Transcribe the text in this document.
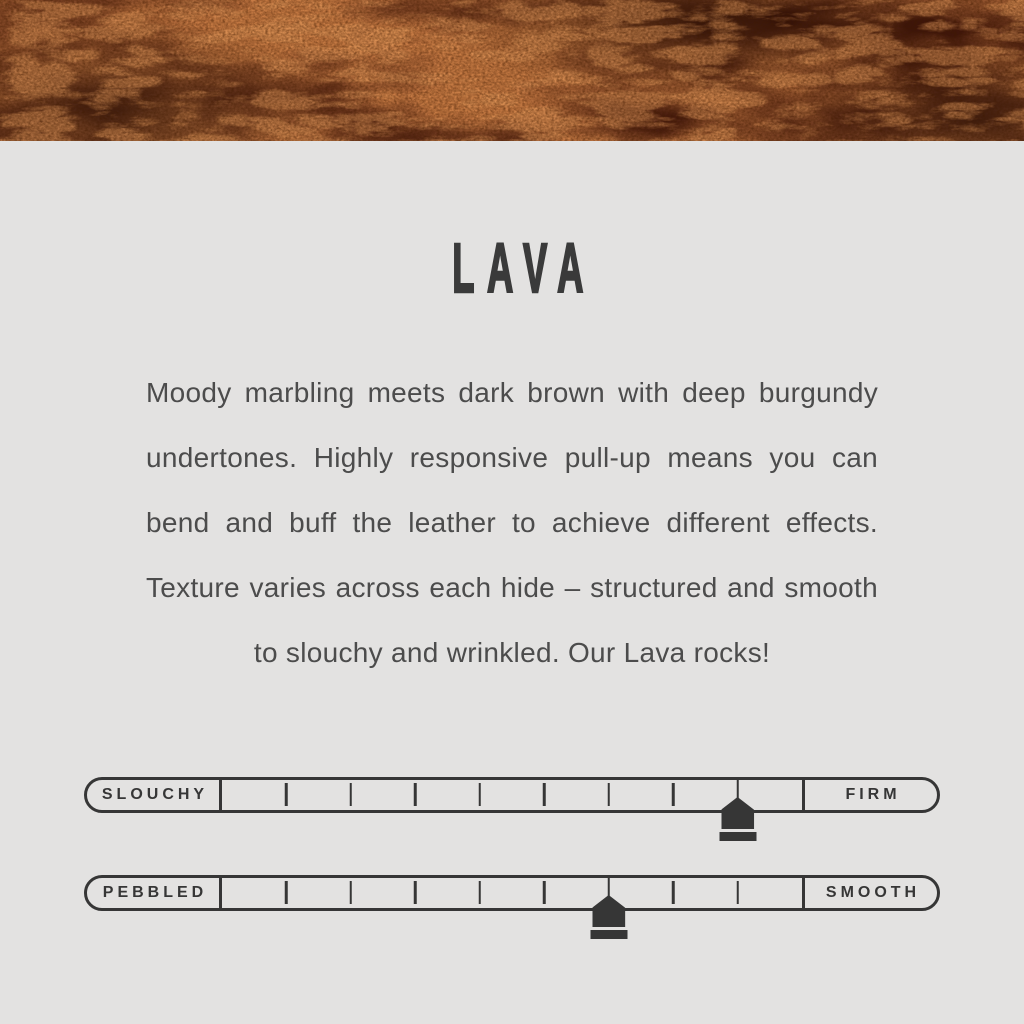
LAVA
Moody marbling meets dark brown with deep burgundy
undertones. Highly responsive pull-up means you can
bend and buff the leather to achieve different effects.
Texture varies across each hide – structured and smooth
to slouchy and wrinkled. Our Lava rocks!
SLOUCHY	FIRM
PEBBLED	SMOOTH
